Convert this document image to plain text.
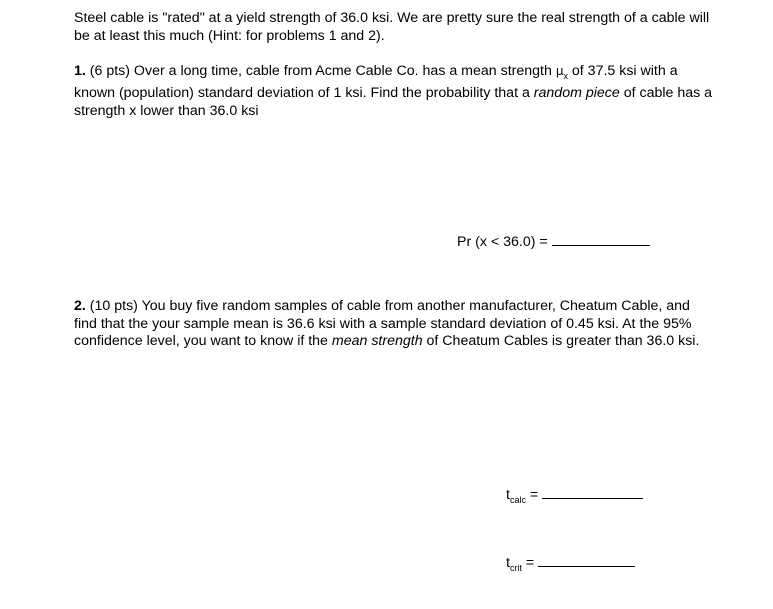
Steel cable is "rated" at a yield strength of 36.0 ksi. We are pretty sure the real strength of a cable will be at least this much (Hint: for problems 1 and 2).
1. (6 pts) Over a long time, cable from Acme Cable Co. has a mean strength $\mu_x$ of 37.5 ksi with a known (population) standard deviation of 1 ksi. Find the probability that a random piece of cable has a strength x lower than 36.0 ksi
Pr (x < 36.0) =
2. (10 pts) You buy five random samples of cable from another manufacturer, Cheatum Cable, and find that the your sample mean is 36.6 ksi with a sample standard deviation of 0.45 ksi. At the 95% confidence level, you want to know if the mean strength of Cheatum Cables is greater than 36.0 ksi.
$t_{calc}$ =
$t_{crit}$ =
